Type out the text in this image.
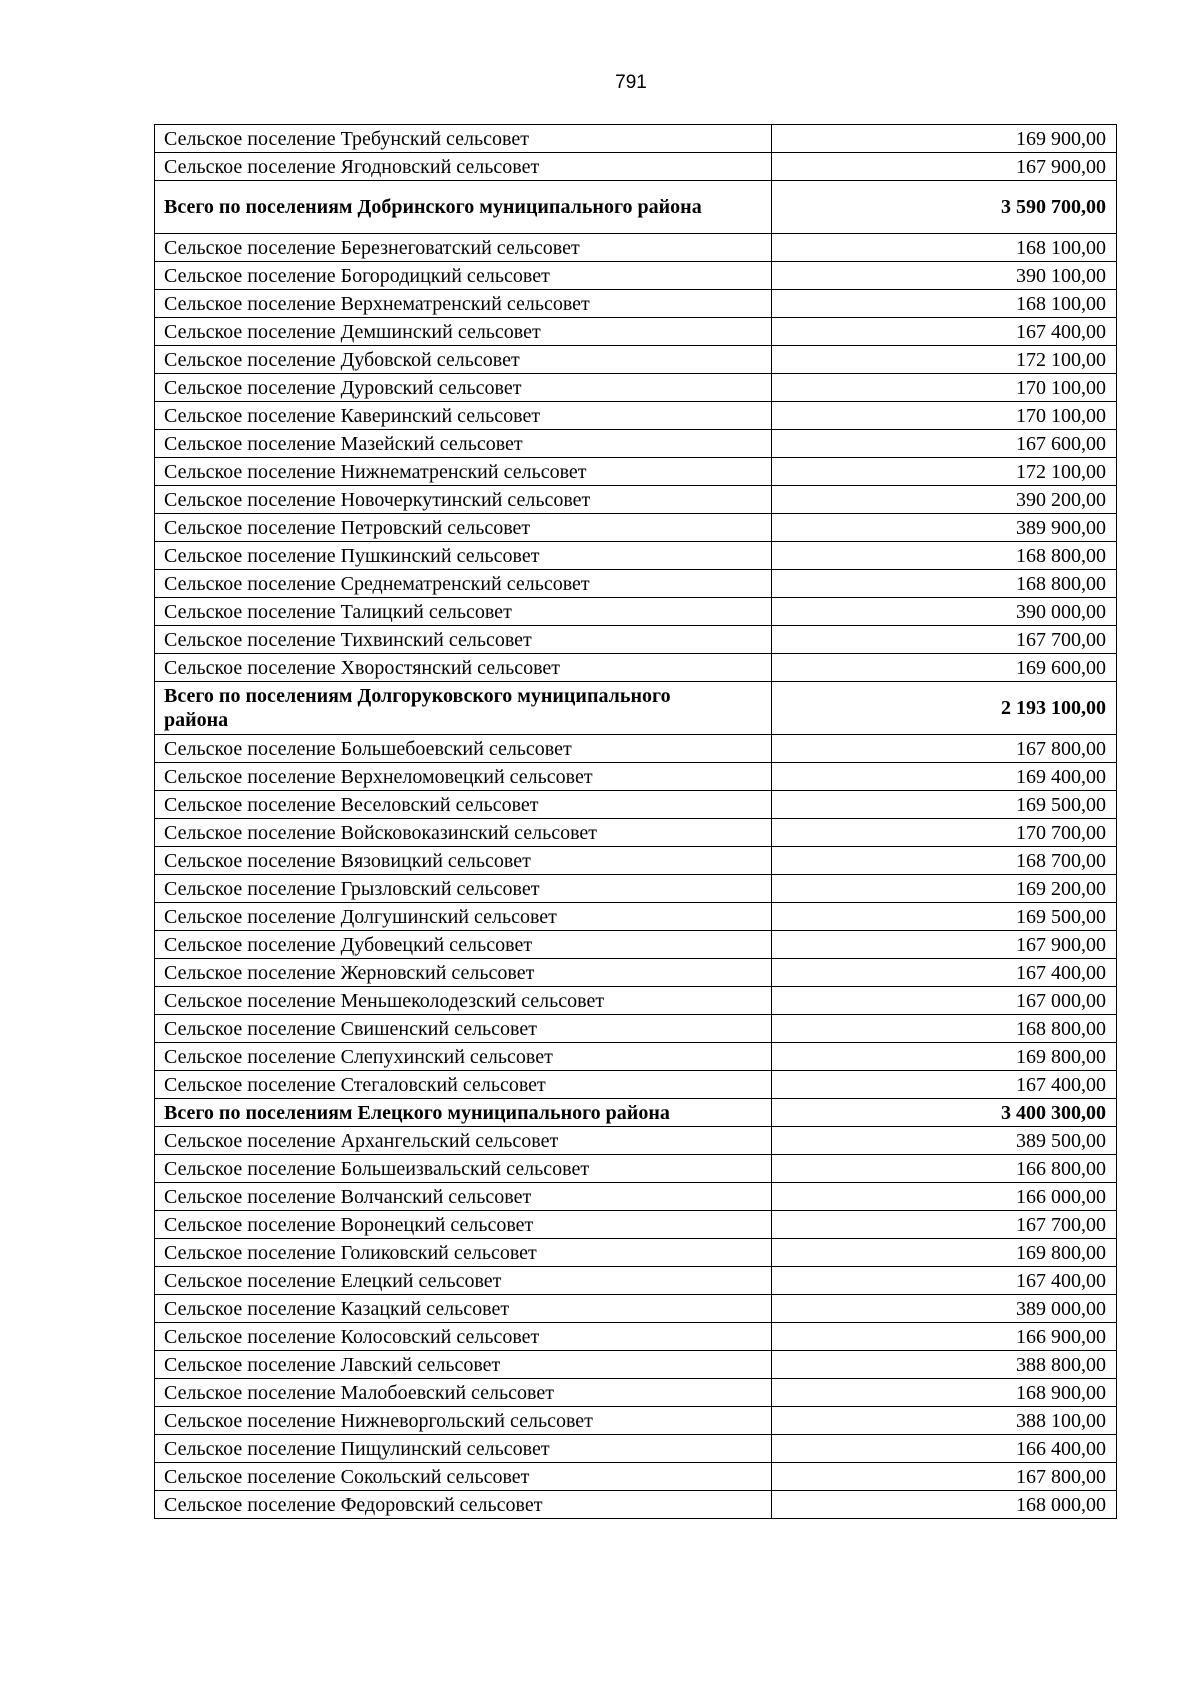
791
Сельское поселение Требунский сельсовет	169 900,00
Сельское поселение Ягодновский сельсовет	167 900,00
Всего по поселениям Добринского муниципального района	3 590 700,00
Сельское поселение Березнеговатский сельсовет	168 100,00
Сельское поселение Богородицкий сельсовет	390 100,00
Сельское поселение Верхнематренский сельсовет	168 100,00
Сельское поселение Демшинский сельсовет	167 400,00
Сельское поселение Дубовской сельсовет	172 100,00
Сельское поселение Дуровский сельсовет	170 100,00
Сельское поселение Каверинский сельсовет	170 100,00
Сельское поселение Мазейский сельсовет	167 600,00
Сельское поселение Нижнематренский сельсовет	172 100,00
Сельское поселение Новочеркутинский сельсовет	390 200,00
Сельское поселение Петровский сельсовет	389 900,00
Сельское поселение Пушкинский сельсовет	168 800,00
Сельское поселение Среднематренский сельсовет	168 800,00
Сельское поселение Талицкий сельсовет	390 000,00
Сельское поселение Тихвинский сельсовет	167 700,00
Сельское поселение Хворостянский сельсовет	169 600,00
Всего по поселениям Долгоруковского муниципального района	2 193 100,00
Сельское поселение Большебоевский сельсовет	167 800,00
Сельское поселение Верхнеломовецкий сельсовет	169 400,00
Сельское поселение Веселовский сельсовет	169 500,00
Сельское поселение Войсковоказинский сельсовет	170 700,00
Сельское поселение Вязовицкий сельсовет	168 700,00
Сельское поселение Грызловский сельсовет	169 200,00
Сельское поселение Долгушинский сельсовет	169 500,00
Сельское поселение Дубовецкий сельсовет	167 900,00
Сельское поселение Жерновский сельсовет	167 400,00
Сельское поселение Меньшеколодезский сельсовет	167 000,00
Сельское поселение Свишенский сельсовет	168 800,00
Сельское поселение Слепухинский сельсовет	169 800,00
Сельское поселение Стегаловский сельсовет	167 400,00
Всего по поселениям Елецкого муниципального района	3 400 300,00
Сельское поселение Архангельский сельсовет	389 500,00
Сельское поселение Большеизвальский сельсовет	166 800,00
Сельское поселение Волчанский сельсовет	166 000,00
Сельское поселение Воронецкий сельсовет	167 700,00
Сельское поселение Голиковский сельсовет	169 800,00
Сельское поселение Елецкий сельсовет	167 400,00
Сельское поселение Казацкий сельсовет	389 000,00
Сельское поселение Колосовский сельсовет	166 900,00
Сельское поселение Лавский сельсовет	388 800,00
Сельское поселение Малобоевский сельсовет	168 900,00
Сельское поселение Нижневоргольский сельсовет	388 100,00
Сельское поселение Пищулинский сельсовет	166 400,00
Сельское поселение Сокольский сельсовет	167 800,00
Сельское поселение Федоровский сельсовет	168 000,00
